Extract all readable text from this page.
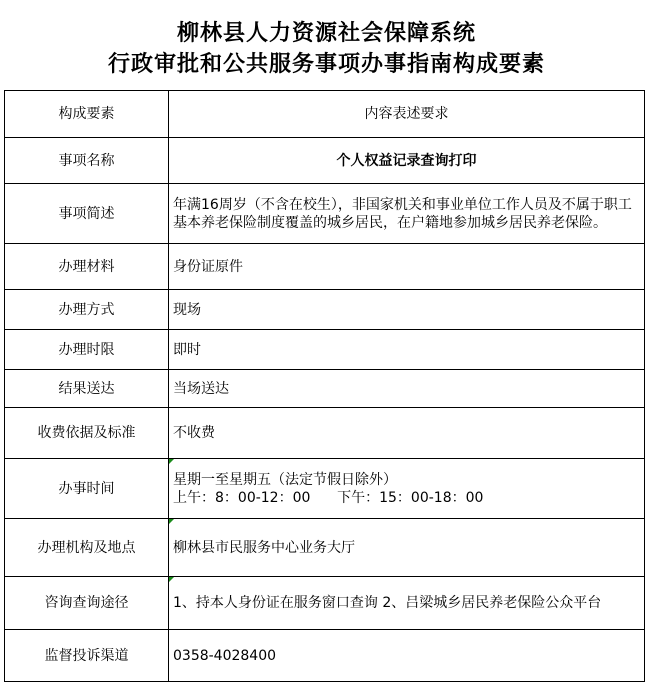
柳林县人力资源社会保障系统
行政审批和公共服务事项办事指南构成要素
构成要素	内容表述要求
事项名称	个人权益记录查询打印
事项简述	年满16周岁（不含在校生），非国家机关和事业单位工作人员及不属于职工基本养老保险制度覆盖的城乡居民，在户籍地参加城乡居民养老保险。
办理材料	身份证原件
办理方式	现场
办理时限	即时
结果送达	当场送达
收费依据及标准	不收费
办事时间	星期一至星期五（法定节假日除外）
上午：8：00-12：00      下午：15：00-18：00
办理机构及地点	柳林县市民服务中心业务大厅
咨询查询途径	1、持本人身份证在服务窗口查询 2、吕梁城乡居民养老保险公众平台
监督投诉渠道	0358-4028400
